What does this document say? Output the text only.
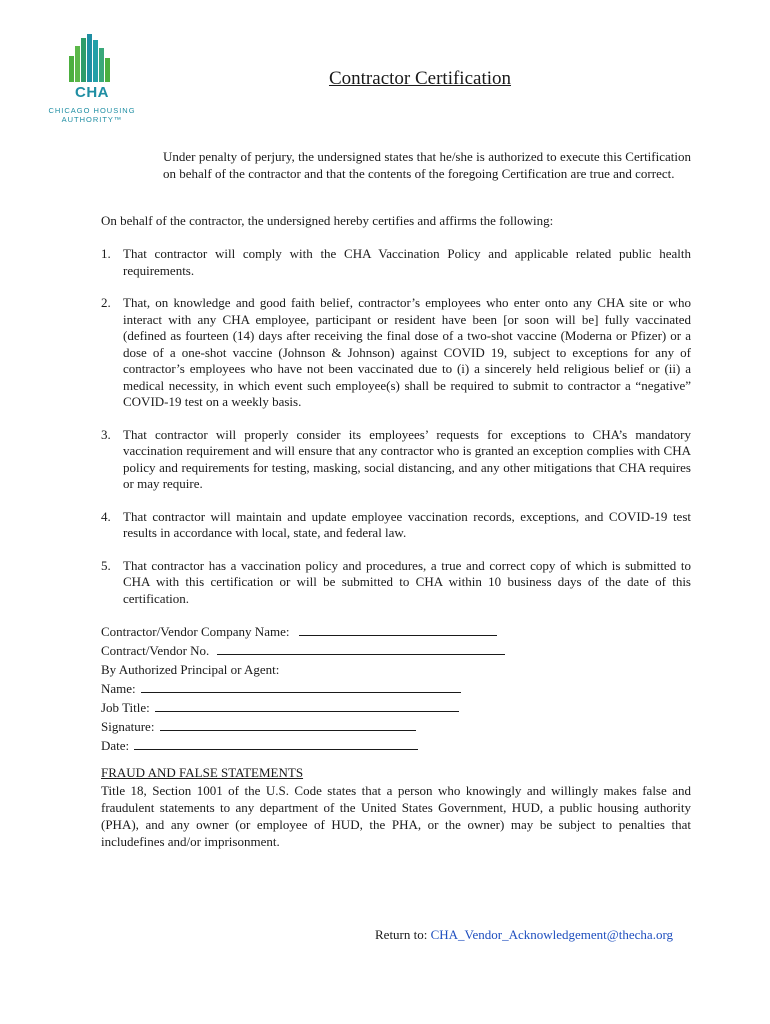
CHA
CHICAGO HOUSING
AUTHORITY™
Contractor Certification
Under penalty of perjury, the undersigned states that he/she is authorized to execute this Certification on behalf of the contractor and that the contents of the foregoing Certification are true and correct.
On behalf of the contractor, the undersigned hereby certifies and affirms the following:
1. That contractor will comply with the CHA Vaccination Policy and applicable related public health requirements.
2. That, on knowledge and good faith belief, contractor’s employees who enter onto any CHA site or who interact with any CHA employee, participant or resident have been [or soon will be] fully vaccinated (defined as fourteen (14) days after receiving the final dose of a two-shot vaccine (Moderna or Pfizer) or a dose of a one-shot vaccine (Johnson & Johnson) against COVID 19, subject to exceptions for any of contractor’s employees who have not been vaccinated due to (i) a sincerely held religious belief or (ii) a medical necessity, in which event such employee(s) shall be required to submit to contractor a “negative” COVID-19 test on a weekly basis.
3. That contractor will properly consider its employees’ requests for exceptions to CHA’s mandatory vaccination requirement and will ensure that any contractor who is granted an exception complies with CHA policy and requirements for testing, masking, social distancing, and any other mitigations that CHA requires or may require.
4. That contractor will maintain and update employee vaccination records, exceptions, and COVID-19 test results in accordance with local, state, and federal law.
5. That contractor has a vaccination policy and procedures, a true and correct copy of which is submitted to CHA with this certification or will be submitted to CHA within 10 business days of the date of this certification.
Contractor/Vendor Company Name:
Contract/Vendor No.
By Authorized Principal or Agent:
Name:
Job Title:
Signature:
Date:
FRAUD AND FALSE STATEMENTS
Title 18, Section 1001 of the U.S. Code states that a person who knowingly and willingly makes false and fraudulent statements to any department of the United States Government, HUD, a public housing authority (PHA), and any owner (or employee of HUD, the PHA, or the owner) may be subject to penalties that includefines and/or imprisonment.
Return to: CHA_Vendor_Acknowledgement@thecha.org
